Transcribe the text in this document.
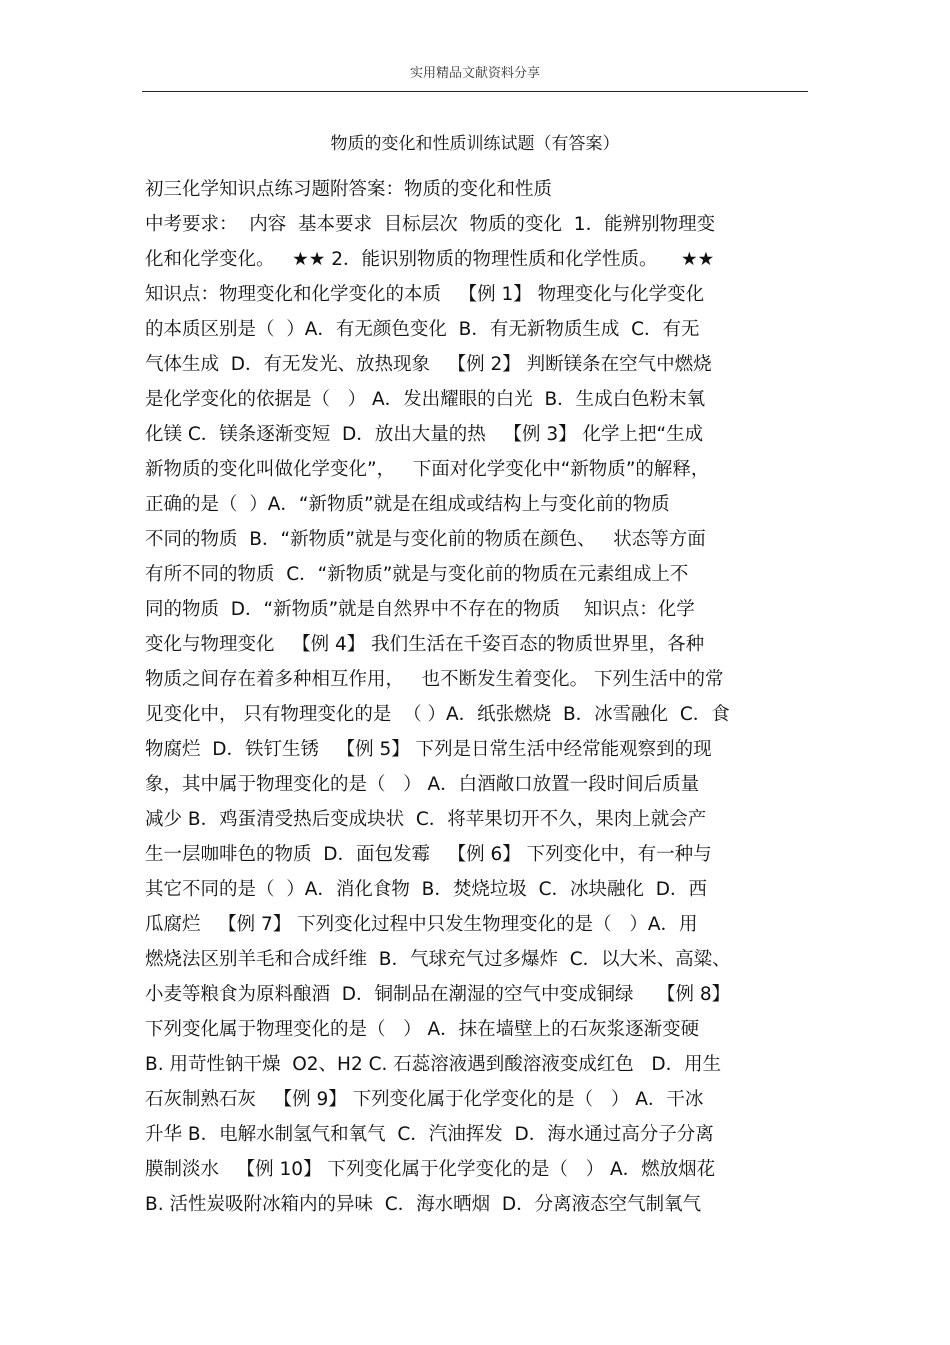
实用精品文献资料分享
物质的变化和性质训练试题（有答案）
初三化学知识点练习题附答案：物质的变化和性质
中考要求：  内容  基本要求  目标层次  物质的变化  1．能辨别物理变
化和化学变化。   ★★ 2．能识别物质的物理性质和化学性质。    ★★
知识点：物理变化和化学变化的本质   【例 1】 物理变化与化学变化
的本质区别是（  ）A．有无颜色变化  B．有无新物质生成  C．有无
气体生成  D．有无发光、放热现象   【例 2】 判断镁条在空气中燃烧
是化学变化的依据是（   ） A．发出耀眼的白光  B．生成白色粉末氧
化镁 C．镁条逐渐变短  D．放出大量的热   【例 3】 化学上把“生成
新物质的变化叫做化学变化”，   下面对化学变化中“新物质”的解释，
正确的是（  ）A．“新物质”就是在组成或结构上与变化前的物质
不同的物质  B．“新物质”就是与变化前的物质在颜色、   状态等方面
有所不同的物质  C．“新物质”就是与变化前的物质在元素组成上不
同的物质  D．“新物质”就是自然界中不存在的物质    知识点：化学
变化与物理变化   【例 4】 我们生活在千姿百态的物质世界里，各种
物质之间存在着多种相互作用，   也不断发生着变化。 下列生活中的常
见变化中， 只有物理变化的是  （ ）A．纸张燃烧  B．冰雪融化  C．食
物腐烂  D．铁钉生锈   【例 5】 下列是日常生活中经常能观察到的现
象，其中属于物理变化的是（   ） A．白酒敞口放置一段时间后质量
减少 B．鸡蛋清受热后变成块状  C．将苹果切开不久，果肉上就会产
生一层咖啡色的物质  D．面包发霉   【例 6】 下列变化中，有一种与
其它不同的是（  ）A．消化食物  B．焚烧垃圾  C．冰块融化  D．西
瓜腐烂   【例 7】 下列变化过程中只发生物理变化的是（   ）A．用
燃烧法区别羊毛和合成纤维  B．气球充气过多爆炸  C．以大米、高粱、
小麦等粮食为原料酿酒  D．铜制品在潮湿的空气中变成铜绿    【例 8】
下列变化属于物理变化的是（   ） A．抹在墙壁上的石灰浆逐渐变硬
B. 用苛性钠干燥  O2、H2 C. 石蕊溶液遇到酸溶液变成红色   D．用生
石灰制熟石灰   【例 9】 下列变化属于化学变化的是（   ） A．干冰
升华 B．电解水制氢气和氧气  C．汽油挥发  D．海水通过高分子分离
膜制淡水   【例 10】 下列变化属于化学变化的是（   ） A．燃放烟花
B. 活性炭吸附冰箱内的异味  C．海水晒烟  D．分离液态空气制氧气
